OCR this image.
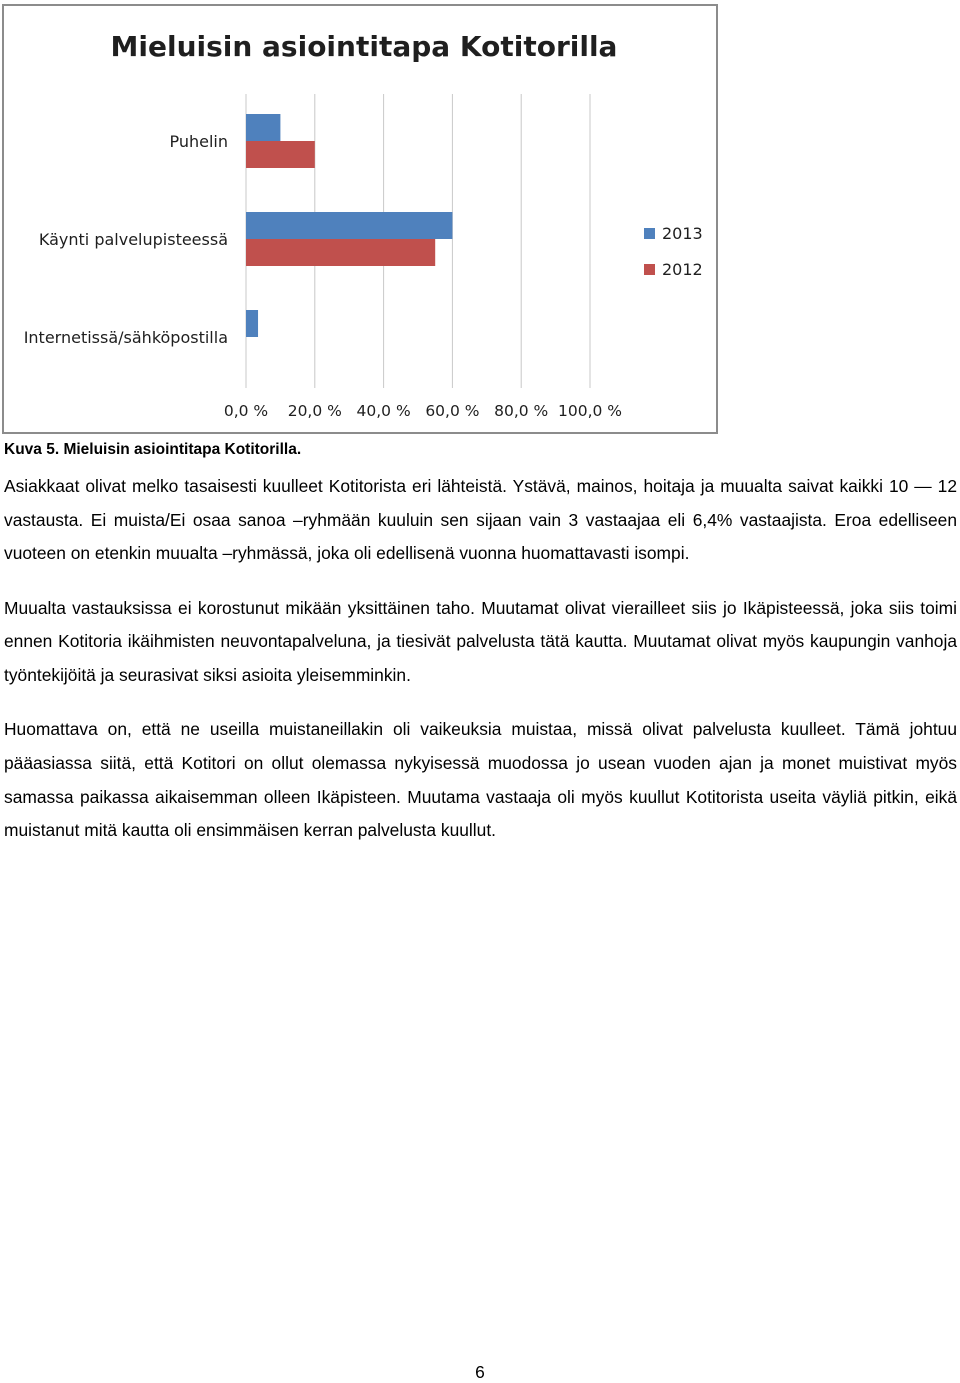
Mieluisin asiointitapa Kotitorilla
Puhelin
Käynti palvelupisteessä
Internetissä/sähköpostilla
0,0 % 20,0 % 40,0 % 60,0 % 80,0 % 100,0 %
2013
2012

Kuva 5. Mieluisin asiointitapa Kotitorilla.

Asiakkaat olivat melko tasaisesti kuulleet Kotitorista eri lähteistä. Ystävä, mainos, hoitaja ja muualta saivat kaikki 10 — 12 vastausta. Ei muista/Ei osaa sanoa –ryhmään kuuluin sen sijaan vain 3 vastaajaa eli 6,4% vastaajista. Eroa edelliseen vuoteen on etenkin muualta –ryhmässä, joka oli edellisenä vuonna huomattavasti isompi.

Muualta vastauksissa ei korostunut mikään yksittäinen taho. Muutamat olivat vierailleet siis jo Ikäpisteessä, joka siis toimi ennen Kotitoria ikäihmisten neuvontapalveluna, ja tiesivät palvelusta tätä kautta. Muutamat olivat myös kaupungin vanhoja työntekijöitä ja seurasivat siksi asioita yleisemminkin.

Huomattava on, että ne useilla muistaneillakin oli vaikeuksia muistaa, missä olivat palvelusta kuulleet. Tämä johtuu pääasiassa siitä, että Kotitori on ollut olemassa nykyisessä muodossa jo usean vuoden ajan ja monet muistivat myös samassa paikassa aikaisemman olleen Ikäpisteen. Muutama vastaaja oli myös kuullut Kotitorista useita väyliä pitkin, eikä muistanut mitä kautta oli ensimmäisen kerran palvelusta kuullut.

6
